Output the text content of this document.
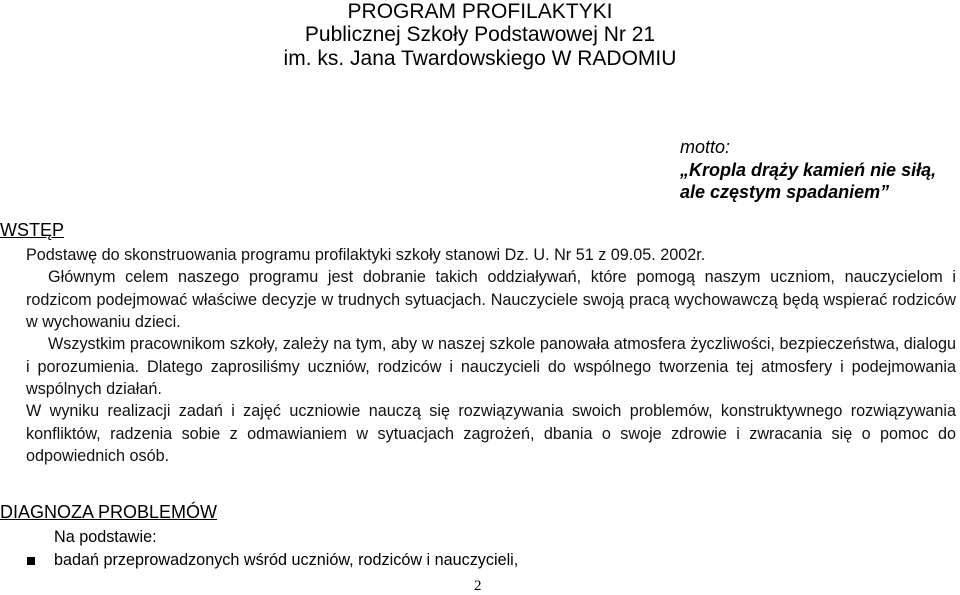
PROGRAM PROFILAKTYKI
Publicznej Szkoły Podstawowej Nr 21
im. ks. Jana Twardowskiego W RADOMIU
motto:
„Kropla drąży kamień nie siłą,
ale częstym spadaniem”
WSTĘP
Podstawę do skonstruowania programu profilaktyki szkoły stanowi Dz. U. Nr 51 z 09.05. 2002r.
Głównym celem naszego programu jest dobranie takich oddziaływań, które pomogą naszym uczniom, nauczycielom i rodzicom podejmować właściwe decyzje w trudnych sytuacjach. Nauczyciele swoją pracą wychowawczą będą wspierać rodziców w wychowaniu dzieci.
Wszystkim pracownikom szkoły, zależy na tym, aby w naszej szkole panowała atmosfera życzliwości, bezpieczeństwa, dialogu i porozumienia. Dlatego zaprosiliśmy uczniów, rodziców i nauczycieli do wspólnego tworzenia tej atmosfery i podejmowania wspólnych działań.
W wyniku realizacji zadań i zajęć uczniowie nauczą się rozwiązywania swoich problemów, konstruktywnego rozwiązywania konfliktów, radzenia sobie z odmawianiem w sytuacjach zagrożeń, dbania o swoje zdrowie i zwracania się o pomoc do odpowiednich osób.
DIAGNOZA PROBLEMÓW
Na podstawie:
badań przeprowadzonych wśród uczniów, rodziców i nauczycieli,
2
